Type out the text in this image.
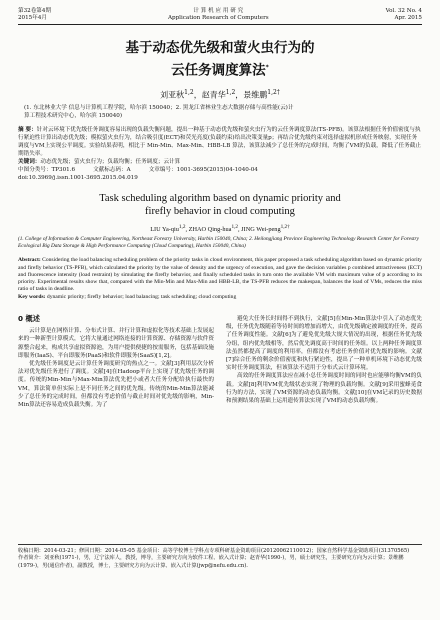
第32卷第4期
2015年4月
计 算 机 应 用 研 究
Application Research of Computers
Vol. 32 No. 4
Apr. 2015
基于动态优先级和萤火虫行为的
云任务调度算法*
刘亚秋$^{1,2}$，赵青华$^{1,2}$，景维鹏$^{1,2\dagger}$
(1. 东北林业大学 信息与计算机工程学院，哈尔滨 150040；2. 黑龙江省林业生态大数据存储与高性能(云)计
算工程技术研究中心，哈尔滨 150040)
摘 要：针对云环境下优先级任务调度容易出现的负载失衡问题，提出一种基于动态优先级和萤火虫行为的云任务调度算法(TS-PFB)。该算法根据任务价值密度与执行紧迫性计算出动态优先级；模拟萤火虫行为，结合吸引度(ECT)和荧光亮度(负载约束)给出决策变量p；再结合优先级约束对选择虚拟机形成任务映射，实现任务调度与VM上实现公平调度。实验结果表明，相比于 Min-Min、Max-Min、HBB-LB 算法，该算法减少了总任务的完成时间，均衡了VM的负载，降低了任务截止期错失率。
关键词：动态优先级；萤火虫行为；负载均衡；任务调度；云计算
中图分类号：TP301.6	文献标志码：A	文章编号：1001-3695(2015)04-1040-04
doi:10.3969/j.issn.1001-3695.2015.04.019
Task scheduling algorithm based on dynamic priority and
firefly behavior in cloud computing
LIU Ya-qiu$^{1,2}$, ZHAO Qing-hua$^{1,2}$, JING Wei-peng$^{1,2\dagger}$
(1. College of Information & Computer Engineering, Northeast Forestry University, Harbin 150040, China; 2. Heilongjiang Province Engineering Technology Research Center for Forestry Ecological Big Data Storage & High Performance Computing (Cloud Computing), Harbin 150040, China)
Abstract: Considering the load balancing scheduling problem of the priority tasks in cloud environment, this paper proposed a task scheduling algorithm based on dynamic priority and firefly behavior (TS-PFB), which calculated the priority by the value of density and the urgency of execution, and gave the decision variables p combined attractiveness (ECT) and fluorescence intensity (load restraint) by simulating the firefly behavior, and finally scheduled tasks in turn onto the available VM with maximum value of p according to its priority. Experimental results show that, compared with the Min-Min and Max-Min and HBB-LB, the TS-PFB reduces the makespan, balances the load of VMs, reduces the miss ratio of tasks in deadline.
Key words: dynamic priority; firefly behavior; load balancing; task scheduling; cloud computing
0 概述

云计算是在网格计算、分布式计算、并行计算和虚拟化等技术基础上发展起来的一种新型计算模式，它将大量通过网络连接的计算资源、存储资源与软件资源整合起来，构成共享虚拟资源池，为用户提供便捷的按需服务，包括基础设施即服务(IaaS)、平台即服务(PaaS)和软件即服务(SaaS)[1,2]。

优先级任务调度是云计算任务调度研究的热点之一。文献[3]利用层次分析法对优先级任务进行了调度。文献[4]在Hadoop平台上实现了优先级任务的调度。传统的Min-Min与Max-Min算法优先把小或者大任务分配给执行最快的VM，算法简单但实际上是不同任务之间的优先级。传统的Min-Min算法能减少了总任务的完成时间，但都没有考虑价值与截止时间对优先级的影响，Min-Min算法还容易造成负载失衡。为了

避免大任务长时间得不到执行，文献[5]在Min-Min算法中引入了动态优先级，任务优先级随着等待时间的增加而增大，由优先级确定被调度的任务，提高了任务调度性能。文献[6]为了避免优先级大规大情况的出现，根据任务优先级分组，组内优先级相等，然后优先调度高于时间的任务组。以上两种任务调度算法虽然都提高了调度的利用率，但都没有考虑任务价值对优先级的影响。文献[7]综合任务的剩余价值密度和执行紧迫性，提出了一种单机环境下动态优先级实时任务调度算法，但该算法不适用于分布式云计算环境。

高效的任务调度算法应在减小总任务调度时间的同时也应能够均衡VM的负载。文献[8]利用VM优先级状态实现了物理的负载均衡。文献[9]采用蜜蜂觅食行为的方法，实现了VM资源的动态负载均衡。文献[10]在VM记录的历史数据和预测结果的基础上运用遗传算法实现了VM的动态负载均衡。

收稿日期：2014-03-21；修回日期：2014-05-05 基金项目：高等学校博士学科点专项科研基金资助项目(20120062110012)；国家自然科学基金资助项目(31370565)
作者简介：刘亚秋(1971-)，男，辽宁法库人，教授，博导，主要研究方向为软件工程、嵌入式计算；赵青华(1990-)，男，硕士研究生，主要研究方向为云计算；景维鹏(1979-)，男(通信作者)，副教授，博士，主要研究方向为云计算、嵌入式计算(jwp@nefu.edu.cn).
